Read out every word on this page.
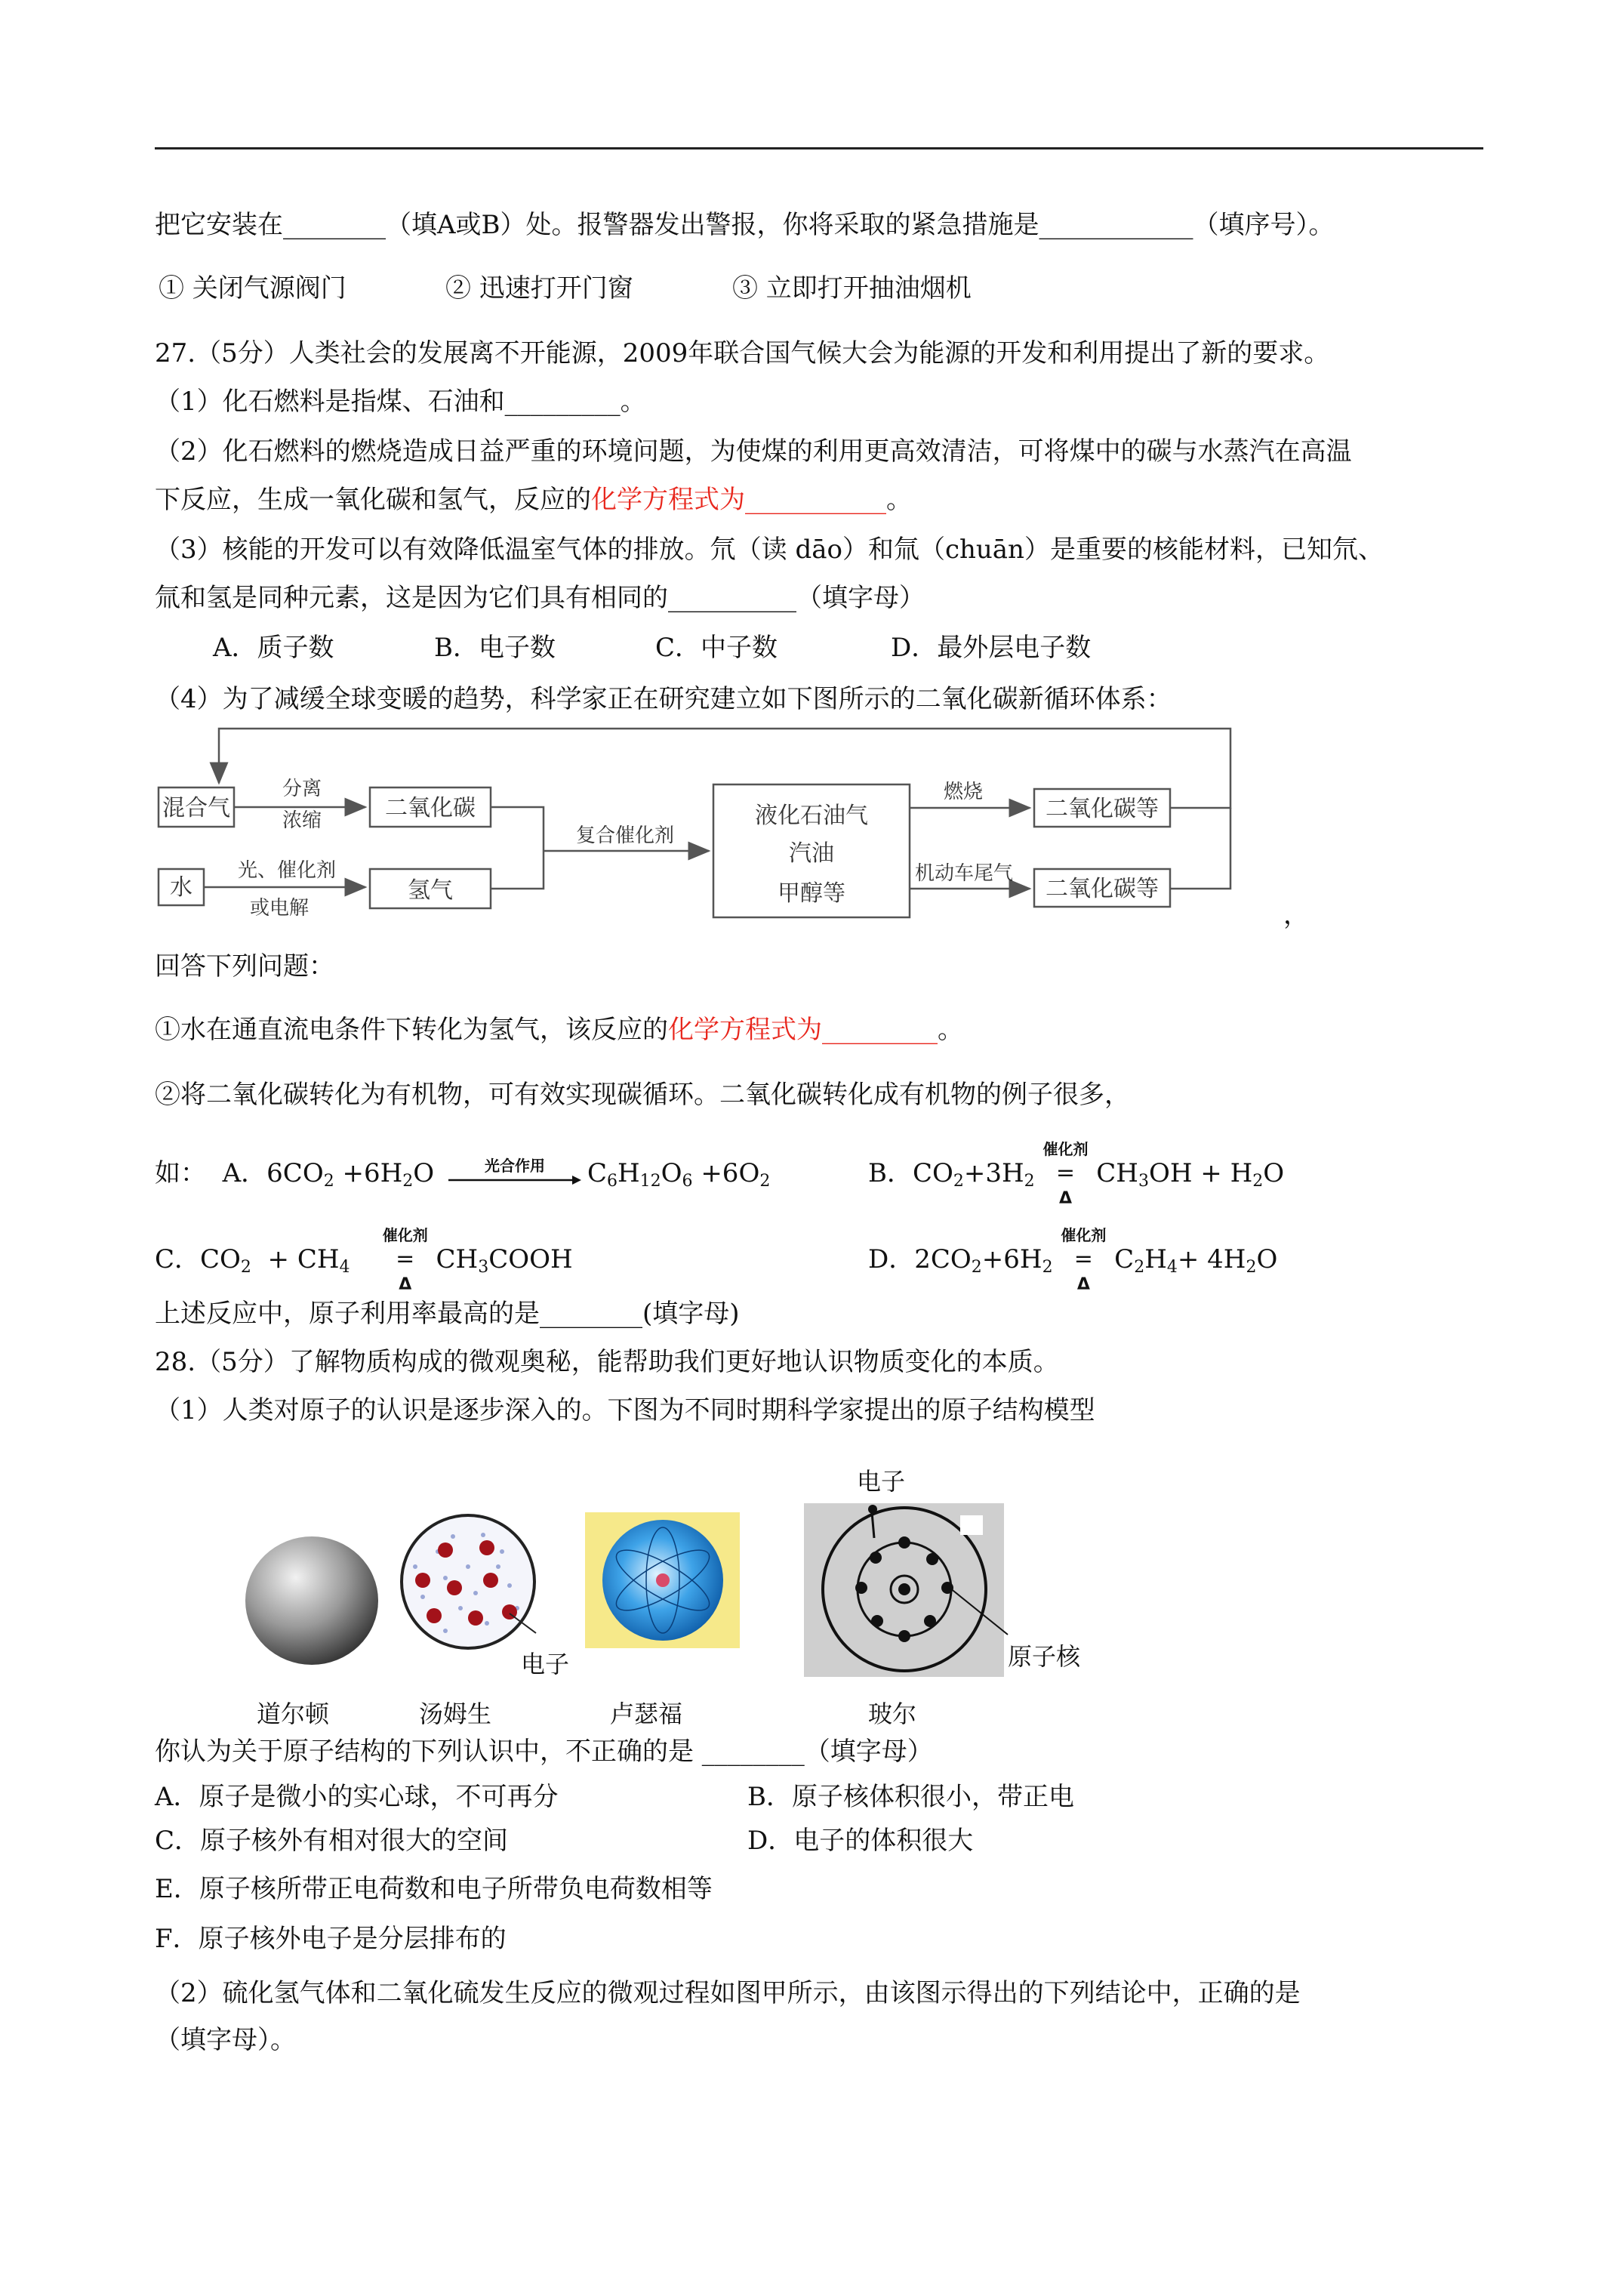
把它安装在________（填A或B）处。报警器发出警报，你将采取的紧急措施是____________（填序号）。
① 关闭气源阀门	② 迅速打开门窗	③ 立即打开抽油烟机
27.（5分）人类社会的发展离不开能源，2009年联合国气候大会为能源的开发和利用提出了新的要求。
（1）化石燃料是指煤、石油和_________。
（2）化石燃料的燃烧造成日益严重的环境问题，为使煤的利用更高效清洁，可将煤中的碳与水蒸汽在高温
下反应，生成一氧化碳和氢气，反应的化学方程式为___________。
（3）核能的开发可以有效降低温室气体的排放。氘（读 dāo）和氚（chuān）是重要的核能材料，已知氘、
氚和氢是同种元素，这是因为它们具有相同的__________（填字母）
A．质子数	B．电子数	C．中子数	D．最外层电子数
（4）为了减缓全球变暖的趋势，科学家正在研究建立如下图所示的二氧化碳新循环体系：
混合气
水
二氧化碳
氢气
液化石油气
汽油
甲醇等
二氧化碳等
二氧化碳等
分离
浓缩
光、催化剂
或电解
复合催化剂
燃烧
机动车尾气
，
回答下列问题：
①水在通直流电条件下转化为氢气，该反应的化学方程式为_________。
②将二氧化碳转化为有机物，可有效实现碳循环。二氧化碳转化成有机物的例子很多，
如： A．$6CO_2 +6H_2O$	光合作用	$C_6H_{12}O_6 +6O_2$	B．$CO_2+3H_2$
催化剂
=
Δ
$CH_3OH + H_2O$
C．$CO_2 + CH_4$
催化剂
=
Δ
$CH_3COOH$	D．$2CO_2+6H_2$
催化剂
=
Δ
$C_2H_4+ 4H_2O$
上述反应中，原子利用率最高的是________(填字母)
28.（5分）了解物质构成的微观奥秘，能帮助我们更好地认识物质变化的本质。
（1）人类对原子的认识是逐步深入的。下图为不同时期科学家提出的原子结构模型
电子
电子
原子核
道尔顿	汤姆生	卢瑟福	玻尔
你认为关于原子结构的下列认识中，不正确的是 ________（填字母）
A．原子是微小的实心球，不可再分	B．原子核体积很小，带正电
C．原子核外有相对很大的空间	D．电子的体积很大
E．原子核所带正电荷数和电子所带负电荷数相等
F．原子核外电子是分层排布的
（2）硫化氢气体和二氧化硫发生反应的微观过程如图甲所示，由该图示得出的下列结论中，正确的是
（填字母）。
